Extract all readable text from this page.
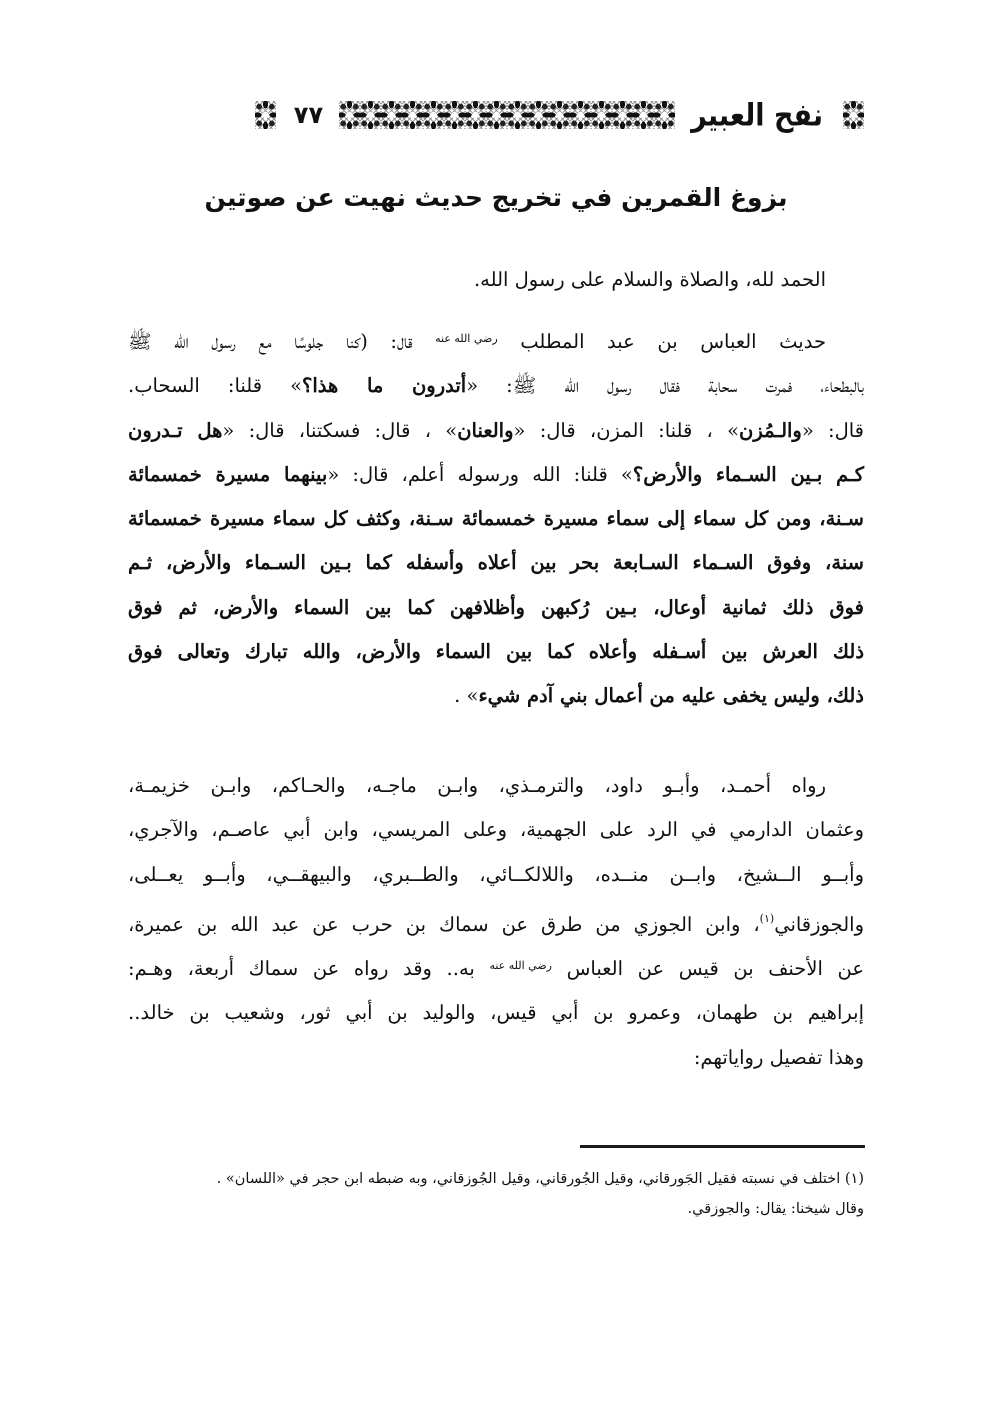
نفح العبير
٧٧
بزوغ القمرين في تخريج حديث نهيت عن صوتين
الحمد لله، والصلاة والسلام على رسول الله.
حديث العباس بن عبد المطلب رضي الله عنه قال: (كنا جلوسًا مع رسول الله ﷺ
بالبطحاء، فمرت سحابة فقال رسول الله ﷺ: «أتدرون ما هذا؟» قلنا: السحاب.
قال: «والـمُزن» ، قلنا: المزن، قال: «والعنان» ، قال: فسكتنا، قال: «هل تـدرون
كـم بـين السـماء والأرض؟» قلنا: الله ورسوله أعلم، قال: «بينهما مسيرة خمسمائة
سـنة، ومن كل سماء إلى سماء مسيرة خمسمائة سـنة، وكثف كل سماء مسيرة خمسمائة
سنة، وفوق السـماء السـابعة بحر بين أعلاه وأسفله كما بـين السـماء والأرض، ثـم
فوق ذلك ثمانية أوعال، بـين رُكبهن وأظلافهن كما بين السماء والأرض، ثم فوق
ذلك العرش بين أسـفله وأعلاه كما بين السماء والأرض، والله تبارك وتعالى فوق
ذلك، وليس يخفى عليه من أعمال بني آدم شيء» .
رواه أحمـد، وأبـو داود، والترمـذي، وابـن ماجـه، والحـاكم، وابـن خزيمـة،
وعثمان الدارمي في الرد على الجهمية، وعلى المريسي، وابن أبي عاصـم، والآجري،
وأبــو الــشيخ، وابــن منــده، واللالكــائي، والطــبري، والبيهقــي، وأبــو يعــلى،
والجوزقاني$^{(١)}$، وابن الجوزي من طرق عن سماك بن حرب عن عبد الله بن عميرة،
عن الأحنف بن قيس عن العباس رضي الله عنه به.. وقد رواه عن سماك أربعة، وهـم:
إبراهيم بن طهمان، وعمرو بن أبي قيس، والوليد بن أبي ثور، وشعيب بن خالد..
وهذا تفصيل رواياتهم:
(١) اختلف في نسبته فقيل الجَورقاني، وقيل الجُورقاني، وقيل الجُوزقاني، وبه ضبطه ابن حجر في «اللسان» .
وقال شيخنا: يقال: والجوزقي.
